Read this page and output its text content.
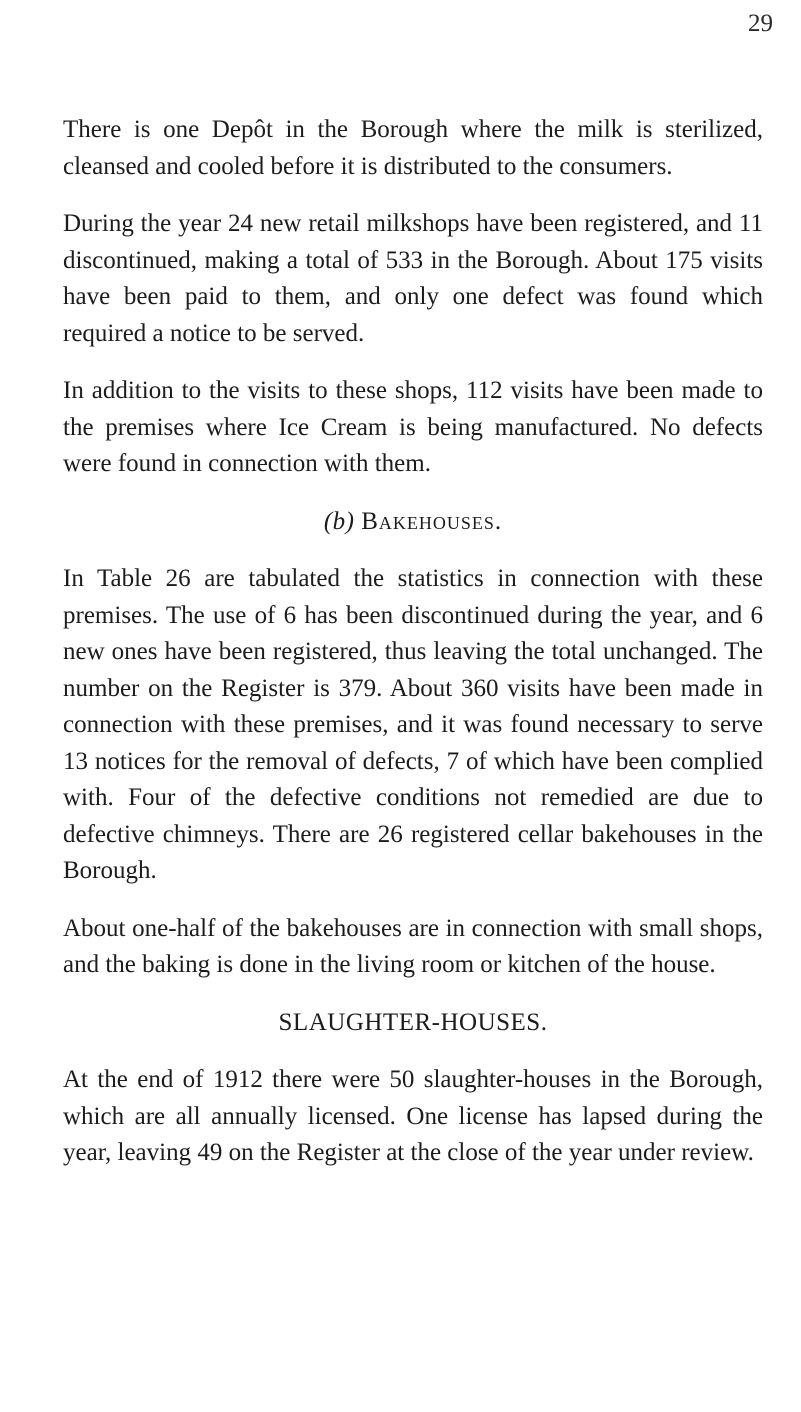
29

There is one Depôt in the Borough where the milk is sterilized, cleansed and cooled before it is distributed to the consumers.

During the year 24 new retail milkshops have been registered, and 11 discontinued, making a total of 533 in the Borough. About 175 visits have been paid to them, and only one defect was found which required a notice to be served.

In addition to the visits to these shops, 112 visits have been made to the premises where Ice Cream is being manufactured. No defects were found in connection with them.

(b) Bakehouses.

In Table 26 are tabulated the statistics in connection with these premises. The use of 6 has been discontinued during the year, and 6 new ones have been registered, thus leaving the total unchanged. The number on the Register is 379. About 360 visits have been made in connection with these premises, and it was found necessary to serve 13 notices for the removal of defects, 7 of which have been complied with. Four of the defective conditions not remedied are due to defective chimneys. There are 26 registered cellar bakehouses in the Borough.

About one-half of the bakehouses are in connection with small shops, and the baking is done in the living room or kitchen of the house.

SLAUGHTER-HOUSES.

At the end of 1912 there were 50 slaughter-houses in the Borough, which are all annually licensed. One license has lapsed during the year, leaving 49 on the Register at the close of the year under review.
